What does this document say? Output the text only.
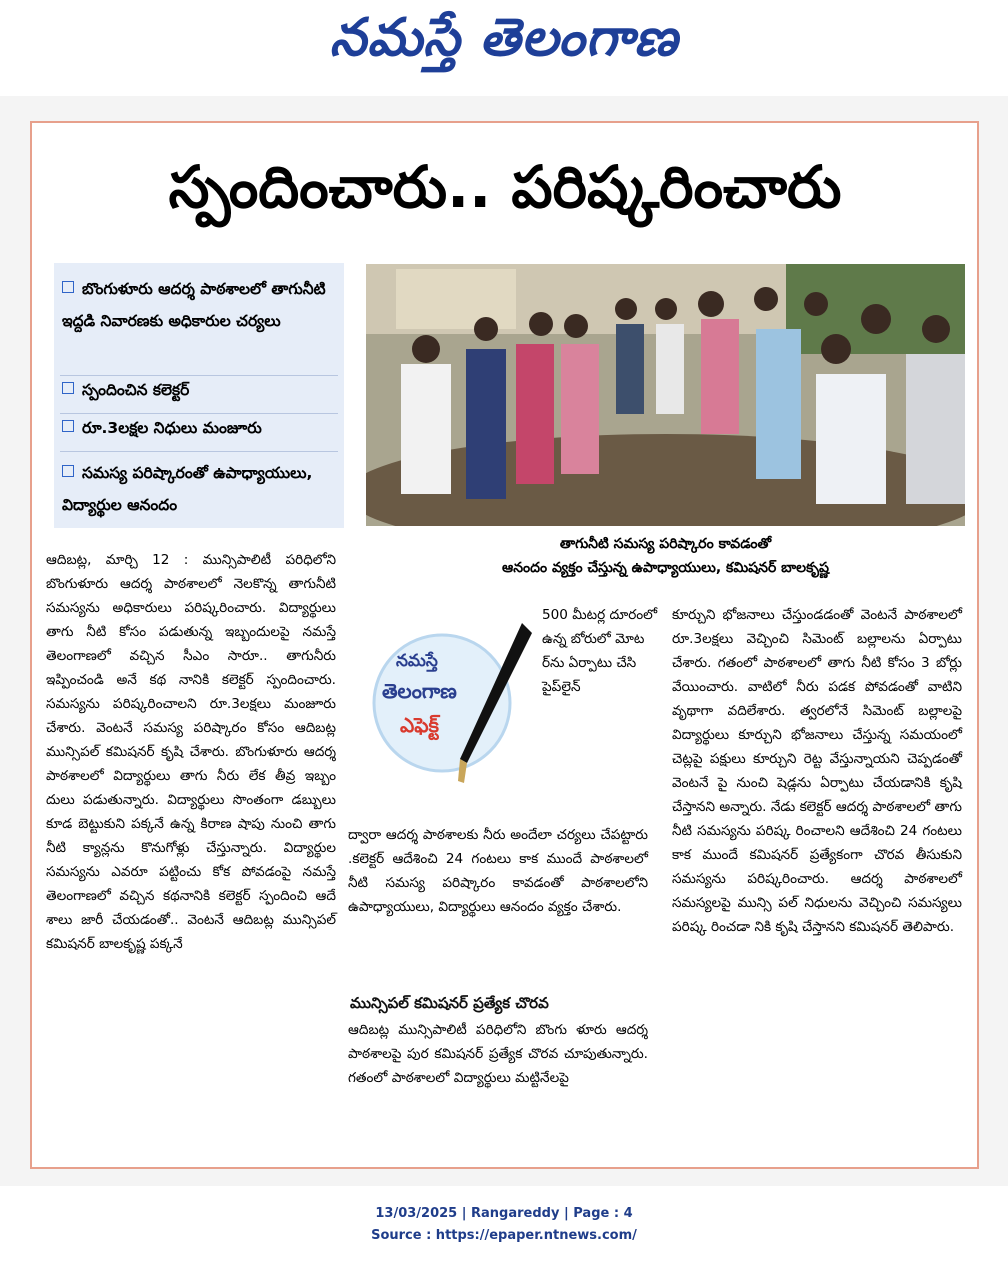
నమస్తే తెలంగాణ
స్పందించారు.. పరిష్కరించారు
బొంగుళూరు ఆదర్శ పాఠశాలలో తాగునీటి ఇద్దడి నివారణకు అధికారుల చర్యలు
స్పందించిన కలెక్టర్
రూ.3లక్షల నిధులు మంజూరు
సమస్య పరిష్కారంతో ఉపాధ్యాయులు, విద్యార్థుల ఆనందం

తాగునీటి సమస్య పరిష్కారం కావడంతో

ఆనందం వ్యక్తం చేస్తున్న ఉపాధ్యాయులు, కమిషనర్ బాలకృష్ణ

ఆదిబట్ల, మార్చి 12 : మున్సిపాలిటీ పరిధిలోని బొంగుళూరు ఆదర్శ పాఠశాలలో నెలకొన్న తాగునీటి సమస్యను అధికారులు పరిష్కరించారు. విద్యార్థులు తాగు నీటి కోసం పడుతున్న ఇబ్బందులపై నమస్తే తెలంగాణలో వచ్చిన సీఎం సారూ.. తాగునీరు ఇప్పించండి అనే కథ నానికి కలెక్టర్ స్పందించారు. సమస్యను పరిష్కరించాలని రూ.3లక్షలు మంజూరు చేశారు. వెంటనే సమస్య పరిష్కారం కోసం ఆదిబట్ల మున్సిపల్ కమిషనర్ కృషి చేశారు. బొంగుళూరు ఆదర్శ పాఠశాలలో విద్యార్థులు తాగు నీరు లేక తీవ్ర ఇబ్బం దులు పడుతున్నారు. విద్యార్థులు సొంతంగా డబ్బులు కూడ బెట్టుకుని పక్కనే ఉన్న కిరాణ షాపు నుంచి తాగు నీటి క్యాన్లను కొనుగోళ్లు చేస్తున్నారు. విద్యార్థుల సమస్యను ఎవరూ పట్టించు కోక పోవడంపై నమస్తే తెలంగాణలో వచ్చిన కథనానికి కలెక్టర్ స్పందించి ఆదే శాలు జారీ చేయడంతో.. వెంటనే ఆదిబట్ల మున్సిపల్ కమిషనర్ బాలకృష్ణ పక్కనే

నమస్తే
తెలంగాణ
ఎఫెక్ట్

500 మీటర్ల దూరంలో ఉన్న బోరులో మోట ర్‌ను ఏర్పాటు చేసి పైప్‌లైన్

ద్వారా ఆదర్శ పాఠశాలకు నీరు అందేలా చర్యలు చేపట్టారు .కలెక్టర్ ఆదేశించి 24 గంటలు కాక ముందే పాఠశాలలో నీటి సమస్య పరిష్కారం కావడంతో పాఠశాలలోని ఉపాధ్యాయులు, విద్యార్థులు ఆనందం వ్యక్తం చేశారు.

మున్సిపల్ కమిషనర్ ప్రత్యేక చొరవ

ఆదిబట్ల మున్సిపాలిటీ పరిధిలోని బొంగు ళూరు ఆదర్శ పాఠశాలపై పుర కమిషనర్ ప్రత్యేక చొరవ చూపుతున్నారు. గతంలో పాఠశాలలో విద్యార్థులు మట్టినేలపై

కూర్చుని భోజనాలు చేస్తుండడంతో వెంటనే పాఠశాలలో రూ.3లక్షలు వెచ్చించి సిమెంట్ బల్లాలను ఏర్పాటు చేశారు. గతంలో పాఠశాలలో తాగు నీటి కోసం 3 బోర్లు వేయించారు. వాటిలో నీరు పడక పోవడంతో వాటిని వృథాగా వదిలేశారు. త్వరలోనే సిమెంట్ బల్లాలపై విద్యార్థులు కూర్చుని భోజనాలు చేస్తున్న సమయంలో చెట్లపై పక్షులు కూర్చుని రెట్ట వేస్తున్నాయని చెప్పడంతో వెంటనే పై నుంచి షెడ్లను ఏర్పాటు చేయడానికి కృషి చేస్తానని అన్నారు. నేడు కలెక్టర్ ఆదర్శ పాఠశాలలో తాగు నీటి సమస్యను పరిష్క రించాలని ఆదేశించి 24 గంటలు కాక ముందే కమిషనర్ ప్రత్యేకంగా చొరవ తీసుకుని సమస్యను పరిష్కరించారు. ఆదర్శ పాఠశాలలో సమస్యలపై మున్సి పల్ నిధులను వెచ్చించి సమస్యలు పరిష్క రించడా నికి కృషి చేస్తానని కమిషనర్ తెలిపారు.

13/03/2025 | Rangareddy | Page : 4

Source : https://epaper.ntnews.com/
